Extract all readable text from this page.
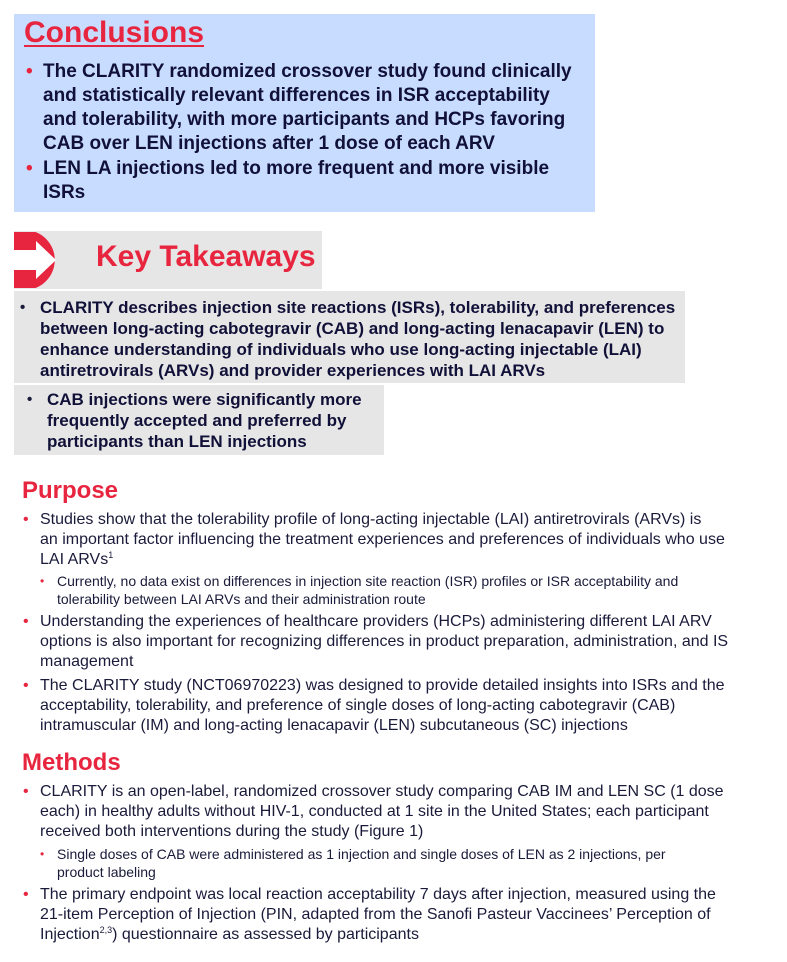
Conclusions
• The CLARITY randomized crossover study found clinically
and statistically relevant differences in ISR acceptability
and tolerability, with more participants and HCPs favoring
CAB over LEN injections after 1 dose of each ARV
• LEN LA injections led to more frequent and more visible
ISRs
Key Takeaways
• CLARITY describes injection site reactions (ISRs), tolerability, and preferences
between long-acting cabotegravir (CAB) and long-acting lenacapavir (LEN) to
enhance understanding of individuals who use long-acting injectable (LAI)
antiretrovirals (ARVs) and provider experiences with LAI ARVs
• CAB injections were significantly more
frequently accepted and preferred by
participants than LEN injections
Purpose
• Studies show that the tolerability profile of long-acting injectable (LAI) antiretrovirals (ARVs) is
an important factor influencing the treatment experiences and preferences of individuals who use
LAI ARVs$^1$
• Currently, no data exist on differences in injection site reaction (ISR) profiles or ISR acceptability and
tolerability between LAI ARVs and their administration route
• Understanding the experiences of healthcare providers (HCPs) administering different LAI ARV
options is also important for recognizing differences in product preparation, administration, and IS
management
• The CLARITY study (NCT06970223) was designed to provide detailed insights into ISRs and the
acceptability, tolerability, and preference of single doses of long-acting cabotegravir (CAB)
intramuscular (IM) and long-acting lenacapavir (LEN) subcutaneous (SC) injections
Methods
• CLARITY is an open-label, randomized crossover study comparing CAB IM and LEN SC (1 dose
each) in healthy adults without HIV-1, conducted at 1 site in the United States; each participant
received both interventions during the study (Figure 1)
• Single doses of CAB were administered as 1 injection and single doses of LEN as 2 injections, per
product labeling
• The primary endpoint was local reaction acceptability 7 days after injection, measured using the
21-item Perception of Injection (PIN, adapted from the Sanofi Pasteur Vaccinees’ Perception of
Injection$^{2,3}$) questionnaire as assessed by participants
